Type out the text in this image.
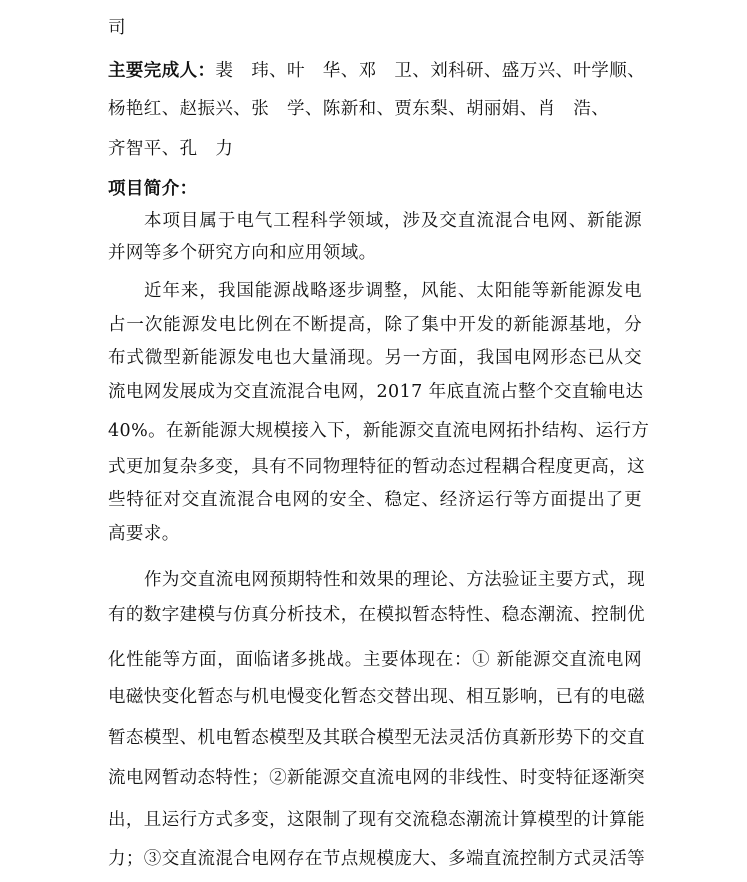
司
主要完成人：裴　玮、叶　华、邓　卫、刘科研、盛万兴、叶学顺、
杨艳红、赵振兴、张　学、陈新和、贾东梨、胡丽娟、肖　浩、
齐智平、孔　力
项目简介：
本项目属于电气工程科学领域，涉及交直流混合电网、新能源
并网等多个研究方向和应用领域。
近年来，我国能源战略逐步调整，风能、太阳能等新能源发电
占一次能源发电比例在不断提高，除了集中开发的新能源基地，分
布式微型新能源发电也大量涌现。另一方面，我国电网形态已从交
流电网发展成为交直流混合电网，2017 年底直流占整个交直输电达
40%。在新能源大规模接入下，新能源交直流电网拓扑结构、运行方
式更加复杂多变，具有不同物理特征的暂动态过程耦合程度更高，这
些特征对交直流混合电网的安全、稳定、经济运行等方面提出了更
高要求。
作为交直流电网预期特性和效果的理论、方法验证主要方式，现
有的数字建模与仿真分析技术，在模拟暂态特性、稳态潮流、控制优
化性能等方面，面临诸多挑战。主要体现在：① 新能源交直流电网
电磁快变化暂态与机电慢变化暂态交替出现、相互影响，已有的电磁
暂态模型、机电暂态模型及其联合模型无法灵活仿真新形势下的交直
流电网暂动态特性；②新能源交直流电网的非线性、时变特征逐渐突
出，且运行方式多变，这限制了现有交流稳态潮流计算模型的计算能
力；③交直流混合电网存在节点规模庞大、多端直流控制方式灵活等
